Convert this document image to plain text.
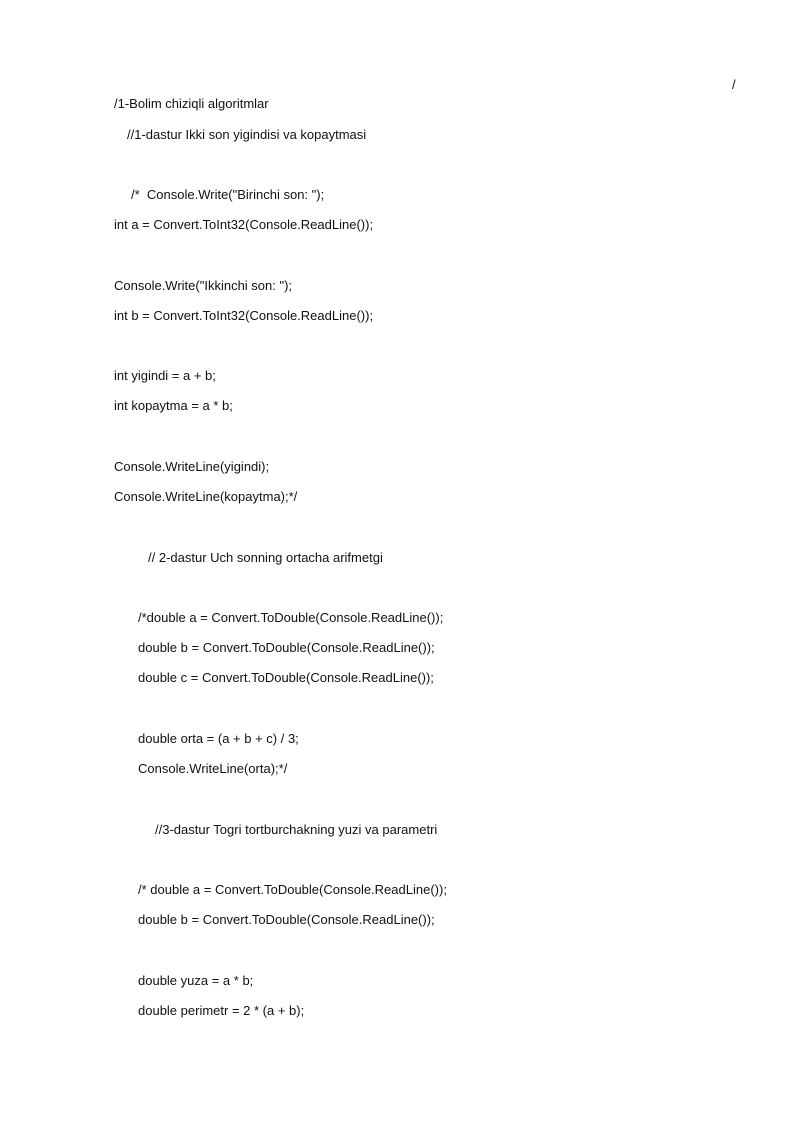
/
/1-Bolim chiziqli algoritmlar
//1-dastur Ikki son yigindisi va kopaytmasi
/*  Console.Write("Birinchi son: ");
int a = Convert.ToInt32(Console.ReadLine());
Console.Write("Ikkinchi son: ");
int b = Convert.ToInt32(Console.ReadLine());
int yigindi = a + b;
int kopaytma = a * b;
Console.WriteLine(yigindi);
Console.WriteLine(kopaytma);*/
// 2-dastur Uch sonning ortacha arifmetgi
/*double a = Convert.ToDouble(Console.ReadLine());
double b = Convert.ToDouble(Console.ReadLine());
double c = Convert.ToDouble(Console.ReadLine());
double orta = (a + b + c) / 3;
Console.WriteLine(orta);*/
//3-dastur Togri tortburchakning yuzi va parametri
/* double a = Convert.ToDouble(Console.ReadLine());
double b = Convert.ToDouble(Console.ReadLine());
double yuza = a * b;
double perimetr = 2 * (a + b);
